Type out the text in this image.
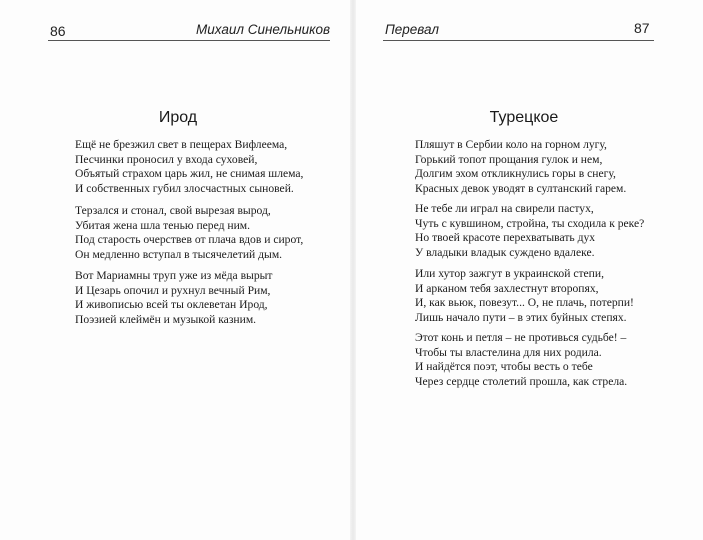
86	Михаил Синельников
Ирод
Ещё не брезжил свет в пещерах Вифлеема,
Песчинки проносил у входа суховей,
Объятый страхом царь жил, не снимая шлема,
И собственных губил злосчастных сыновей.
Терзался и стонал, свой вырезая вырод,
Убитая жена шла тенью перед ним.
Под старость очерствев от плача вдов и сирот,
Он медленно вступал в тысячелетий дым.
Вот Мариамны труп уже из мёда вырыт
И Цезарь опочил и рухнул вечный Рим,
И живописью всей ты оклеветан Ирод,
Поэзией клеймён и музыкой казним.
Перевал	87
Турецкое
Пляшут в Сербии коло на горном лугу,
Горький топот прощания гулок и нем,
Долгим эхом откликнулись горы в снегу,
Красных девок уводят в султанский гарем.
Не тебе ли играл на свирели пастух,
Чуть с кувшином, стройна, ты сходила к реке?
Но твоей красоте перехватывать дух
У владыки владык суждено вдалеке.
Или хутор зажгут в украинской степи,
И арканом тебя захлестнут второпях,
И, как вьюк, повезут... О, не плачь, потерпи!
Лишь начало пути – в этих буйных степях.
Этот конь и петля – не противься судьбе! –
Чтобы ты властелина для них родила.
И найдётся поэт, чтобы весть о тебе
Через сердце столетий прошла, как стрела.
